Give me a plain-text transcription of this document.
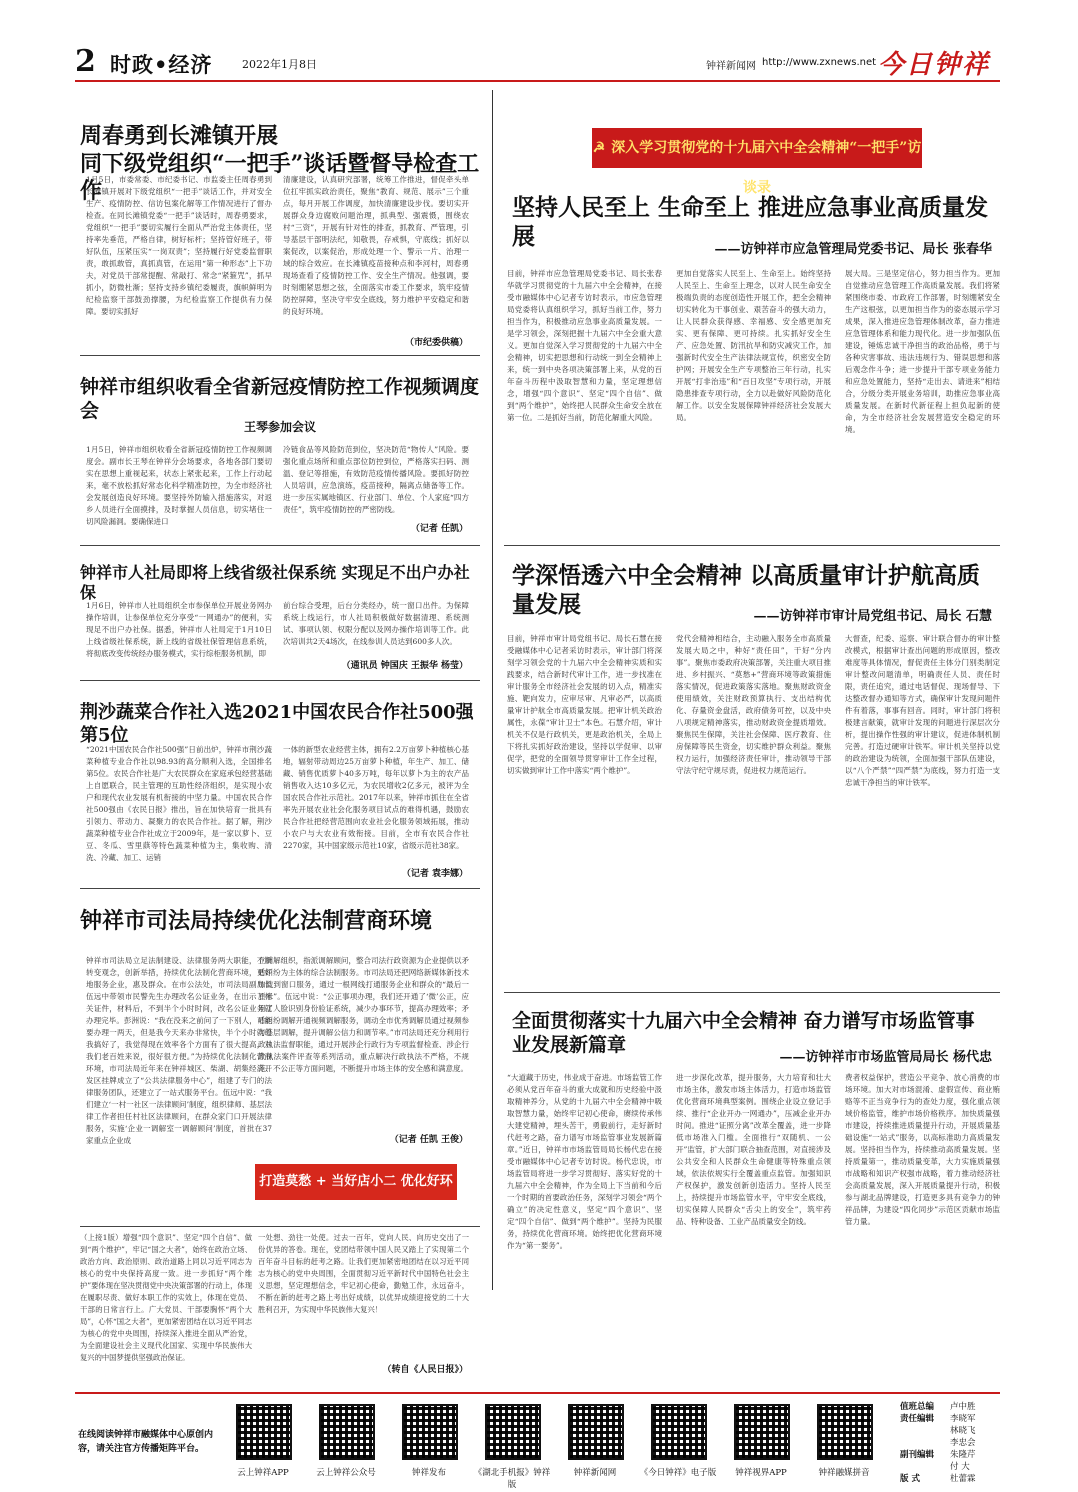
2 时政•经济	2022年1月8日	钟祥新闻网 http://www.zxnews.net 今日钟祥
周春勇到长滩镇开展
同下级党组织“一把手”谈话暨督导检查工作
1月5日，市委常委、市纪委书记、市监委主任周春勇到长滩镇开展对下级党组织“一把手”谈话工作，并对安全生产、疫情防控、信访包案化解等工作情况进行了督办检查。在同长滩镇党委“一把手”谈话时，周春勇要求，党组织“一把手”要切实履行全面从严治党主体责任，坚持率先垂范，严格自律，树好标杆；坚持管好班子，带好队伍，压紧压实“一岗双责”；坚持履行好党委监督职责，敢抓敢管，真抓真管，在运用“第一种形态”上下功夫，对党员干部常提醒、常敲打、常念“紧箍咒”，抓早抓小，防微杜渐；坚持支持乡镇纪委履责，旗帜鲜明为纪检监察干部鼓劲撑腰，为纪检监察工作提供有力保障。要切实抓好
清廉建设，认真研究部署，统筹工作推进，督促牵头单位扛牢抓实政治责任，聚焦“教育、规范、展示”三个重点，每月开展工作调度，加快清廉建设步伐。要切实开展群众身边腐败问题治理，抓典型、强震慑，围绕农村“三资”，开展有针对性的排查，抓教育、严管理，引导基层干部明法纪，知敬畏，存戒惧，守底线；抓好以案促改，以案促治，形成处理一个、警示一片、治理一域的综合效应。在长滩镇疫苗接种点和李河村，周春勇现场查看了疫情防控工作、安全生产情况。他强调，要时刻绷紧思想之弦，全面落实市委工作要求，筑牢疫情防控屏障，坚决守牢安全底线，努力维护平安稳定和谐的良好环境。
（市纪委供稿）
钟祥市组织收看全省新冠疫情防控工作视频调度会
王琴参加会议
1月5日，钟祥市组织收看全省新冠疫情防控工作视频调度会。副市长王琴在钟祥分会场要求，各地各部门要切实在思想上重视起来，状态上紧张起来，工作上行动起来，毫不放松抓好常态化科学精准防控，为全市经济社会发展创造良好环境。要坚持外防输入措施落实，对返乡人员进行全面摸排，及时掌握人员信息，切实堵住一切风险漏洞。要确保进口
冷链食品等风险防范到位，坚决防范“物传人”风险。要强化重点场所和重点部位防控到位，严格落实扫码、测温、登记等措施，有效防范疫情传播风险。要抓好防控人员培训，应急演练，疫苗接种，隔离点储备等工作。进一步压实属地镇区、行业部门、单位、个人家庭“四方责任”，筑牢疫情防控的严密防线。
（记者 任凯）
钟祥市人社局即将上线省级社保系统 实现足不出户办社保
1月6日，钟祥市人社局组织全市参保单位开展业务网办操作培训，让参保单位充分享受“一网通办”的便利，实现足不出户办社保。据悉，钟祥市人社局定于1月10日上线省级社保系统，新上线的省级社保管理信息系统，将彻底改变传统经办服务模式，实行综柜服务机制，即
前台综合受理，后台分类经办，统一窗口出件。为保障系统上线运行，市人社局积极做好数据清理、系统测试、事项认领、权限分配以及网办操作培训等工作。此次培训共2天4场次，在线参训人员达到600多人次。
（通讯员 钟国庆 王振华 杨莹）
荆沙蔬菜合作社入选2021中国农民合作社500强第5位
“2021中国农民合作社500强”日前出炉，钟祥市荆沙蔬菜种植专业合作社以98.93的高分顺利入选，全国排名第5位。农民合作社是广大农民群众在家庭承包经营基础上自愿联合，民主管理的互助性经济组织，是实现小农户和现代农业发展有机衔接的中坚力量。中国农民合作社500强由《农民日报》推出，旨在加快培育一批具有引领力、带动力、凝聚力的农民合作社。据了解，荆沙蔬菜种植专业合作社成立于2009年，是一家以萝卜、豆豆、冬瓜、雪里蕻等特色蔬菜种植为主，集收购、清洗、冷藏、加工、运销
一体的新型农业经营主体，拥有2.2万亩萝卜种植核心基地，辐射带动周边25万亩萝卜种植，年生产、加工、储藏、销售优质萝卜40多万吨，每年以萝卜为主的农产品销售收入达10多亿元，为农民增收2亿多元，被评为全国农民合作社示范社。2017年以来，钟祥市抓住在全省率先开展农业社会化服务项目试点的难得机遇，鼓励农民合作社把经营范围向农业社会化服务领域拓展，推动小农户与大农业有效衔接。目前，全市有农民合作社2270家，其中国家级示范社10家，省级示范社38家。
（记者 袁李娜）
钟祥市司法局持续优化法制营商环境
钟祥市司法局立足法制建设、法律服务两大职能，不断转变观念，创新举措，持续优化法制化营商环境，更好地服务企业，惠及群众。在市公法处，市司法局副局长伍远中带领市民警先生办理改名公证业务，在出示了相关证件，材料后，不到半个小时时间，改名公证业务就办理完毕。彭洲说：“我在没来之前问了一下别人，可能要办理一两天，但是我今天来办非常快，半个小时就给我搞好了，我觉得现在效率各个方面有了很大提高，对我们老百姓来说，很好很方便。”为持续优化法制化营商环境，市司法局近年来在钟祥城区、柴湖、胡集经济开发区挂牌成立了“公共法律服务中心”，组建了专门的法律服务团队，还建立了一站式服务平台。伍远中说：“我们建立‘一村一社区一法律顾问’制度，组织律师、基层法律工作者担任村社区法律顾问，在群众家门口开展法律服务，实施‘企业一调解室一调解顾问’制度，首批在37家重点企业成
立调解组织，指派调解顾问，整合司法行政资源为企业提供以矛盾纠纷为主体的综合法制服务。市司法局还把网络新媒体新技术加载到窗口服务，通过一根网线打通服务企业和群众的“最后一厘米”。伍远中说：“公正事项办理，我们还开通了‘微’公正，应用了人脸识别身份验证系统，减少办事环节，提高办理效率；矛盾纠纷调解开通视频调解服务，调动全市优秀调解员通过视频参与基层调解，提升调解公信力和调节率。”市司法局还充分利用行政执法监督职能，通过开展涉企行政行为专项监督检查、涉企行政执法案件评查等系列活动，重点解决行政执法不严格，不规范、不公正等方面问题，不断提升市场主体的安全感和满意度。
（记者 任凯 王俊）
打造莫愁 + 当好店小二 优化好环境
（上接1版）增强“四个意识”、坚定“四个自信”、做到“两个维护”，牢记“国之大者”，始终在政治立场、政治方向、政治原则、政治道路上同以习近平同志为核心的党中央保持高度一致。进一步抓好“两个维护”要体现在坚决贯彻党中央决策部署的行动上，体现在履职尽责、做好本职工作的实效上，体现在党员、干部的日常言行上。广大党员、干部要胸怀“两个大局”，心怀“国之大者”，更加紧密团结在以习近平同志为核心的党中央周围，持续深入推进全面从严治党，为全面建设社会主义现代化国家、实现中华民族伟大复兴的中国梦提供坚强政治保证。
一处想、劲往一处使。过去一百年，党向人民、向历史交出了一份优异的答卷。现在，党团结带领中国人民又踏上了实现第二个百年奋斗目标的赶考之路。让我们更加紧密地团结在以习近平同志为核心的党中央周围，全面贯彻习近平新时代中国特色社会主义思想，坚定理想信念，牢记初心使命，勤勉工作，永远奋斗，不断在新的赶考之路上考出好成绩，以优异成绩迎接党的二十大胜利召开，为实现中华民族伟大复兴！
（转自《人民日报》）
☭ 深入学习贯彻党的十九届六中全会精神“一把手”访谈录
坚持人民至上 生命至上 推进应急事业高质量发展	——访钟祥市应急管理局党委书记、局长 张春华
目前，钟祥市应急管理局党委书记、局长张春华就学习贯彻党的十九届六中全会精神，在接受市融媒体中心记者专访时表示，市应急管理局党委将认真组织学习，抓好当前工作，努力担当作为，积极推动应急事业高质量发展。一是学习领会，深刻把握十九届六中全会重大意义。更加自觉深入学习贯彻党的十九届六中全会精神，切实把思想和行动统一到全会精神上来，统一到中央各项决策部署上来，从党的百年奋斗历程中汲取智慧和力量，坚定理想信念，增强“四个意识”、坚定“四个自信”、做到“两个维护”，始终把人民群众生命安全放在第一位。二是抓好当前，防范化解重大风险。
更加自觉落实人民至上、生命至上。始终坚持人民至上、生命至上理念，以对人民生命安全极端负责的态度创造性开展工作，把全会精神切实转化为干事创业、艰苦奋斗的强大动力，让人民群众获得感、幸福感、安全感更加充实、更有保障、更可持续。扎实抓好安全生产、应急处置、防汛抗旱和防灾减灾工作，加强新时代安全生产法律法规宣传，织密安全防护网；开展安全生产专项整治三年行动，扎实开展“打非治违”和“百日攻坚”专项行动，开展隐患排查专项行动，全力以赴做好风险防范化解工作。以安全发展保障钟祥经济社会发展大局。
展大局。三是坚定信心，努力担当作为。更加自觉推动应急管理工作高质量发展。我们将紧紧围绕市委、市政府工作部署，时刻绷紧安全生产这根弦，以更加担当作为的姿态展示学习成果，深入推进应急管理体制改革，奋力推进应急管理体系和能力现代化。进一步加强队伍建设，锤炼忠诚干净担当的政治品格，勇于与各种灾害事故、违法违规行为、错误思想和落后观念作斗争；进一步提升干部专项业务能力和应急处置能力，坚持“走出去、请进来”相结合，分级分类开展业务培训，助推应急事业高质量发展。在新时代新征程上担负起新的使命，为全市经济社会发展营造安全稳定的环境。
学深悟透六中全会精神 以高质量审计护航高质量发展	——访钟祥市审计局党组书记、局长 石慧
目前，钟祥市审计局党组书记、局长石慧在接受融媒体中心记者采访时表示，审计部门将深刻学习领会党的十九届六中全会精神实质和实践要求，结合新时代审计工作，进一步找准在审计服务全市经济社会发展的切入点，精准实施、靶向发力，应审尽审、凡审必严，以高质量审计护航全市高质量发展。把审计机关政治属性，永葆“审计卫士”本色。石慧介绍，审计机关不仅是行政机关，更是政治机关，全局上下将扎实抓好政治建设，坚持以学促审、以审促学，把党的全面领导贯穿审计工作全过程，切实做到审计工作中落实“两个维护”。
党代会精神相结合，主动融入服务全市高质量发展大局之中，种好“责任田”，干好“分内事”。聚焦市委政府决策部署，关注重大项目推进、乡村振兴、“莫愁+”营商环境等政策措施落实情况，促进政策落实落地。聚焦财政资金使用绩效，关注财政预算执行、支出结构优化、存量资金盘活，政府债务可控，以及中央八项规定精神落实，推动财政资金提质增效。聚焦民生保障，关注社会保障、医疗教育、住房保障等民生资金，切实维护群众利益。聚焦权力运行，加强经济责任审计，推动领导干部守法守纪守规尽责，促进权力规范运行。
大督查，纪委、巡察、审计联合督办的审计整改模式，根据审计查出问题的形成原因，整改难度等具体情况，督促责任主体分门别类制定审计整改问题清单，明确责任人员、责任时限，责任追究，通过电话督促、现场督导、下达整改督办通知等方式，确保审计发现问题件件有着落，事事有回音。同时，审计部门将积极建言献策，就审计发现的问题进行深层次分析，提出操作性强的审计建议，促进体制机制完善。打造过硬审计铁军。审计机关坚持以党的政治建设为统领，全面加强干部队伍建设，以“八个严禁”“四严禁”为底线，努力打造一支忠诚干净担当的审计铁军。
全面贯彻落实十九届六中全会精神 奋力谱写市场监管事业发展新篇章
——访钟祥市市场监管局局长 杨代忠
“大道藏于历史，伟业成于奋进。市场监管工作必须从党百年奋斗的重大成就和历史经验中汲取精神养分，从党的十九届六中全会精神中吸取智慧力量，始终牢记初心使命，赓续传承伟大建党精神，埋头苦干，勇毅前行，走好新时代赶考之路，奋力谱写市场监管事业发展新篇章。”近日，钟祥市市场监管局局长杨代忠在接受市融媒体中心记者专访时说。杨代忠说，市场监管局将进一步学习贯彻好、落实好党的十九届六中全会精神，作为全局上下当前和今后一个时期的首要政治任务，深刻学习领会“两个确立”的决定性意义，坚定“四个意识”、坚定“四个自信”、做到“两个维护”。坚持为民服务，持续优化营商环境。始终把优化营商环境作为“第一要务”。
进一步深化改革，提升服务，大力培育和壮大市场主体，激发市场主体活力，打造市场监管优化营商环境典型案例。围绕企业设立登记手续、推行“企业开办一网通办”，压减企业开办时间。推进“证照分离”改革全覆盖，进一步降低市场准入门槛。全面推行“双随机、一公开”监管，扩大部门联合抽查范围，对直接涉及公共安全和人民群众生命健康等特殊重点领域，依法依规实行全覆盖重点监管。加强知识产权保护，激发创新创造活力。坚持人民至上，持续提升市场监管水平，守牢安全底线，切实保障人民群众“舌尖上的安全”，筑牢药品、特种设备、工业产品质量安全防线。
费者权益保护，营造公平竞争、放心消费的市场环境。加大对市场混淆、虚假宣传、商业贿赂等不正当竞争行为的查处力度，强化重点领域价格监管，维护市场价格秩序。加快质量强市建设，持续推进质量提升行动，开展质量基础设施“一站式”服务，以高标准助力高质量发展。坚持担当作为，持续推动高质量发展。坚持质量第一，推动质量变革，大力实施质量强市战略和知识产权强市战略，着力推动经济社会高质量发展，深入开展质量提升行动，积极参与湖北品牌建设，打造更多具有竞争力的钟祥品牌，为建设“四化同步”示范区贡献市场监管力量。
在线阅读钟祥市融媒体中心原创内容，请关注官方传播矩阵平台。
云上钟祥APP	云上钟祥公众号	钟祥发布	《湖北手机报》钟祥版
钟祥新闻网	《今日钟祥》电子版	钟祥视界APP	钟祥融媒拼音
值班总编	卢中胜
责任编辑	李晓军
林晓飞
李忠会
副刊编辑	朱隆芹
付 大
版 式	杜蕾霖
